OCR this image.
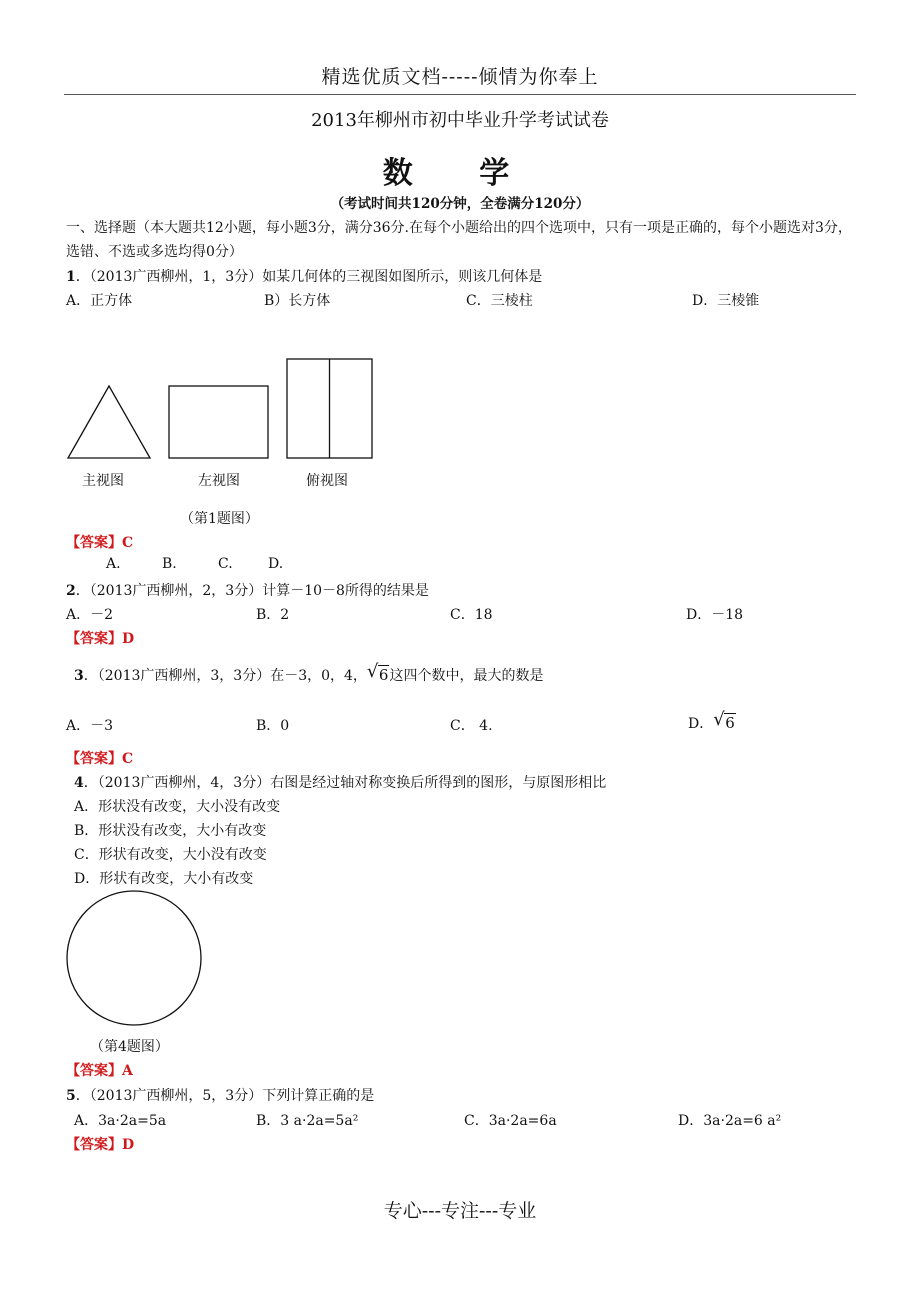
精选优质文档-----倾情为你奉上
2013年柳州市初中毕业升学考试试卷
数 学
（考试时间共120分钟，全卷满分120分）
一、选择题（本大题共12小题，每小题3分，满分36分.在每个小题给出的四个选项中，只有一项是正确的，每个小题选对3分，选错、不选或多选均得0分）
1．（2013广西柳州，1，3分）如某几何体的三视图如图所示，则该几何体是
A．正方体	B）长方体	C．三棱柱	D．三棱锥
主视图	左视图	俯视图
（第1题图）
【答案】C
A.	B.	C.	D.
2．（2013广西柳州，2，3分）计算－10－8所得的结果是
A．－2	B．2	C．18	D．－18
【答案】D
3．（2013广西柳州，3，3分）在－3，0，4， √ 6这四个数中，最大的数是
A．－3	B．0	C． 4.	D． √ 6
【答案】C
4．（2013广西柳州，4，3分）右图是经过轴对称变换后所得到的图形，与原图形相比
A．形状没有改变，大小没有改变
B．形状没有改变，大小有改变
C．形状有改变，大小没有改变
D．形状有改变，大小有改变
（第4题图）
【答案】A
5．（2013广西柳州，5，3分）下列计算正确的是
A．3a·2a=5a	B．3 a·2a=5a²	C．3a·2a=6a	D．3a·2a=6 a²
【答案】D
专心---专注---专业
